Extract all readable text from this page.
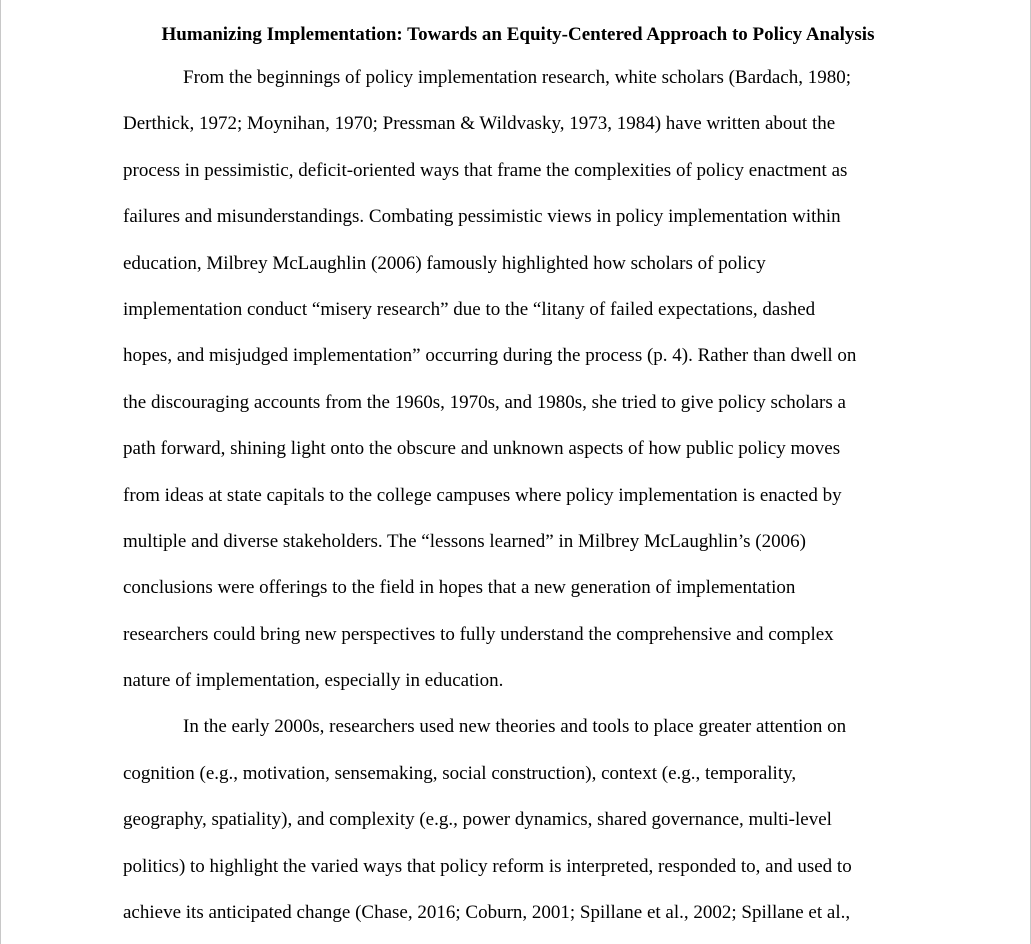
Humanizing Implementation: Towards an Equity-Centered Approach to Policy Analysis
From the beginnings of policy implementation research, white scholars (Bardach, 1980;
Derthick, 1972; Moynihan, 1970; Pressman & Wildvasky, 1973, 1984) have written about the
process in pessimistic, deficit-oriented ways that frame the complexities of policy enactment as
failures and misunderstandings. Combating pessimistic views in policy implementation within
education, Milbrey McLaughlin (2006) famously highlighted how scholars of policy
implementation conduct “misery research” due to the “litany of failed expectations, dashed
hopes, and misjudged implementation” occurring during the process (p. 4). Rather than dwell on
the discouraging accounts from the 1960s, 1970s, and 1980s, she tried to give policy scholars a
path forward, shining light onto the obscure and unknown aspects of how public policy moves
from ideas at state capitals to the college campuses where policy implementation is enacted by
multiple and diverse stakeholders. The “lessons learned” in Milbrey McLaughlin’s (2006)
conclusions were offerings to the field in hopes that a new generation of implementation
researchers could bring new perspectives to fully understand the comprehensive and complex
nature of implementation, especially in education.
In the early 2000s, researchers used new theories and tools to place greater attention on
cognition (e.g., motivation, sensemaking, social construction), context (e.g., temporality,
geography, spatiality), and complexity (e.g., power dynamics, shared governance, multi-level
politics) to highlight the varied ways that policy reform is interpreted, responded to, and used to
achieve its anticipated change (Chase, 2016; Coburn, 2001; Spillane et al., 2002; Spillane et al.,
